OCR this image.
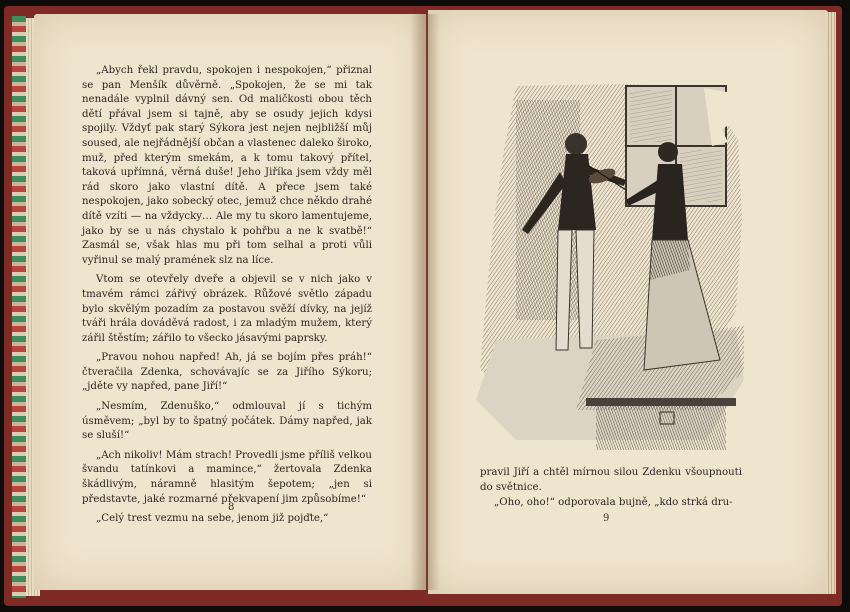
„Abych řekl pravdu, spokojen i nespokojen,“ přiznal se pan Menšík důvěrně. „Spokojen, že se mi tak nenadále vyplnil dávný sen. Od maličkosti obou těch dětí přával jsem si tajně, aby se osudy jejich kdysi spojily. Vždyť pak starý Sýkora jest nejen nejbližší můj soused, ale nejřádnější občan a vlastenec daleko široko, muž, před kterým smekám, a k tomu takový přítel, taková upřímná, věrná duše! Jeho Jiříka jsem vždy měl rád skoro jako vlastní dítě. A přece jsem také nespokojen, jako sobecký otec, jemuž chce někdo drahé dítě vzíti — na vždycky… Ale my tu skoro lamentujeme, jako by se u nás chystalo k pohřbu a ne k svatbě!“ Zasmál se, však hlas mu při tom selhal a proti vůli vyřinul se malý pramének slz na líce.

Vtom se otevřely dveře a objevil se v nich jako v tmavém rámci zářivý obrázek. Růžové světlo západu bylo skvělým pozadím za postavou svěží dívky, na jejíž tváři hrála dováděvá radost, i za mladým mužem, který zářil štěstím; zářilo to všecko jásavými paprsky.

„Pravou nohou napřed! Ah, já se bojím přes práh!“ čtveračila Zdenka, schovávajíc se za Jiřího Sýkoru; „jděte vy napřed, pane Jiří!“

„Nesmím, Zdenuško,“ odmlouval jí s tichým úsměvem; „byl by to špatný počátek. Dámy napřed, jak se sluší!“

„Ach nikoliv! Mám strach! Provedli jsme příliš velkou švandu tatínkovi a mamince,“ žertovala Zdenka škádlivým, náramně hlasitým šepotem; „jen si představte, jaké rozmarné překvapení jim způsobíme!“

„Celý trest vezmu na sebe, jenom již pojďte,“

8

pravil Jiří a chtěl mírnou silou Zdenku všoupnouti do světnice.

„Oho, oho!“ odporovala bujně, „kdo strká dru-

9
